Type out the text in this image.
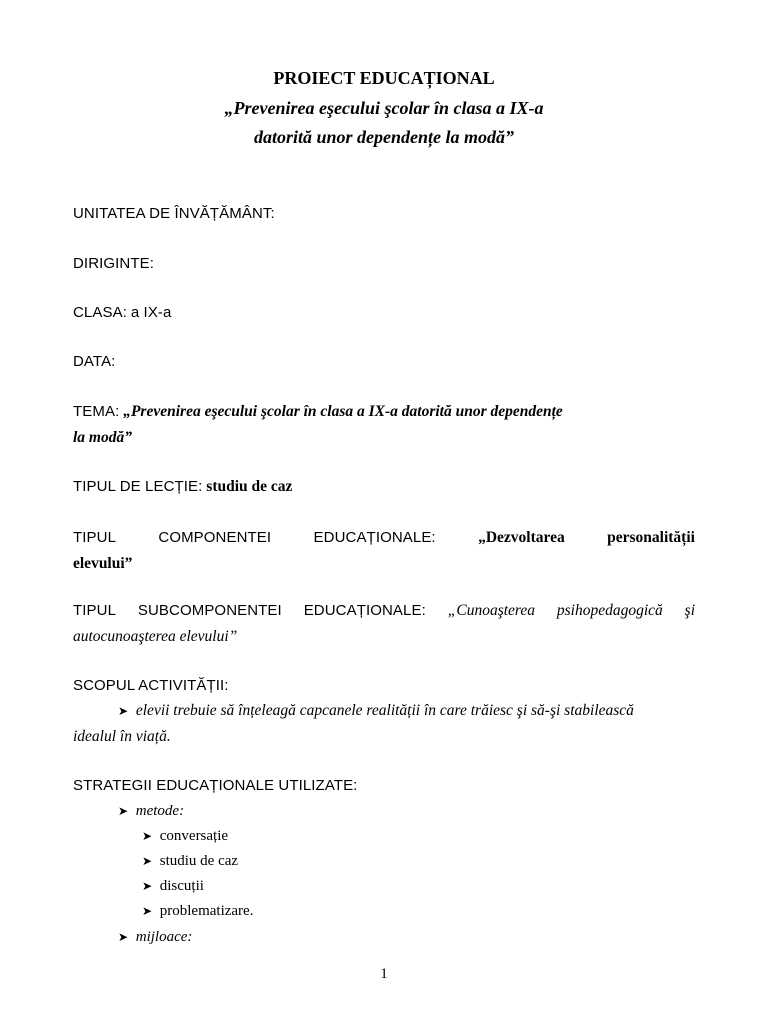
PROIECT EDUCAȚIONAL
„Prevenirea eşecului şcolar în clasa a IX-a
datorită unor dependențe la modă”
UNITATEA DE ÎNVĂȚĂMÂNT:
DIRIGINTE:
CLASA: a IX-a
DATA:
TEMA: „Prevenirea eşecului şcolar în clasa a IX-a datorită unor dependențe
la modă”
TIPUL DE LECȚIE: studiu de caz
TIPUL	COMPONENTEI	EDUCAȚIONALE:	„Dezvoltarea	personalității
elevului”
TIPUL SUBCOMPONENTEI EDUCAȚIONALE: „Cunoaşterea psihopedagogică şi
autocunoaşterea elevului”
SCOPUL ACTIVITĂȚII:
➤ elevii trebuie să înțeleagă capcanele realității în care trăiesc şi să-şi stabilească
idealul în viață.
STRATEGII EDUCAȚIONALE UTILIZATE:
➤ metode:
➤ conversație
➤ studiu de caz
➤ discuții
➤ problematizare.
➤ mijloace:
1
